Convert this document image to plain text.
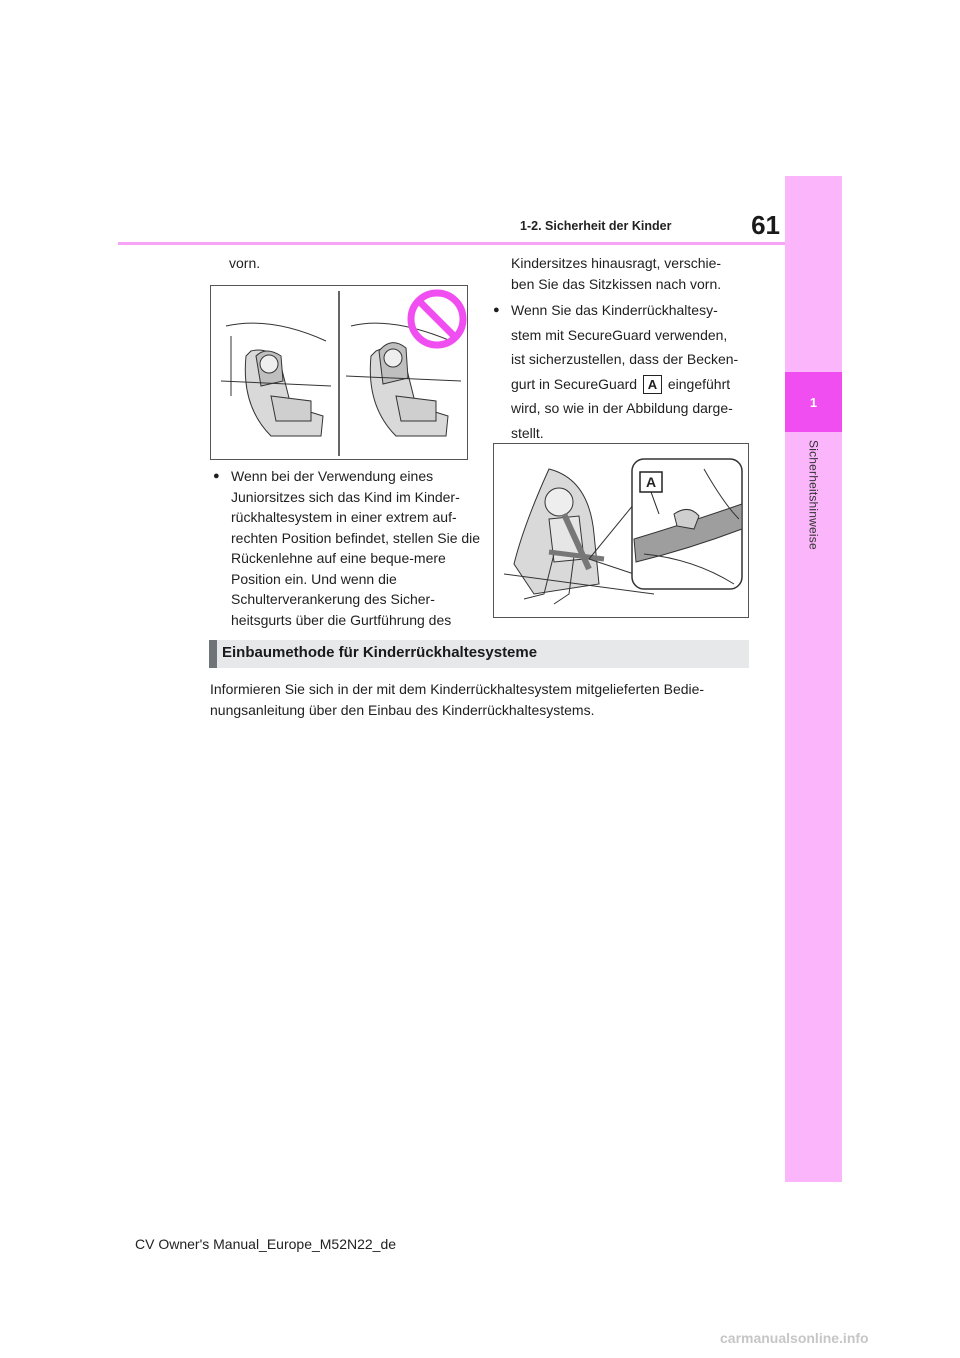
1
Sicherheitshinweise
61
1-2. Sicherheit der Kinder
vorn.
● Wenn bei der Verwendung eines Juniorsitzes sich das Kind im Kinder-rückhaltesystem in einer extrem auf-rechten Position befindet, stellen Sie die Rückenlehne auf eine beque-mere Position ein. Und wenn die Schulterverankerung des Sicher-heitsgurts über die Gurtführung des
Kindersitzes hinausragt, verschie-
ben Sie das Sitzkissen nach vorn.
● Wenn Sie das Kinderrückhaltesy-
stem mit SecureGuard verwenden,
ist sicherzustellen, dass der Becken-
gurt in SecureGuard A eingeführt
wird, so wie in der Abbildung darge-
stellt.
A
Einbaumethode für Kinderrückhaltesysteme
Informieren Sie sich in der mit dem Kinderrückhaltesystem mitgelieferten Bedie-
nungsanleitung über den Einbau des Kinderrückhaltesystems.
CV Owner's Manual_Europe_M52N22_de
carmanualsonline.info
